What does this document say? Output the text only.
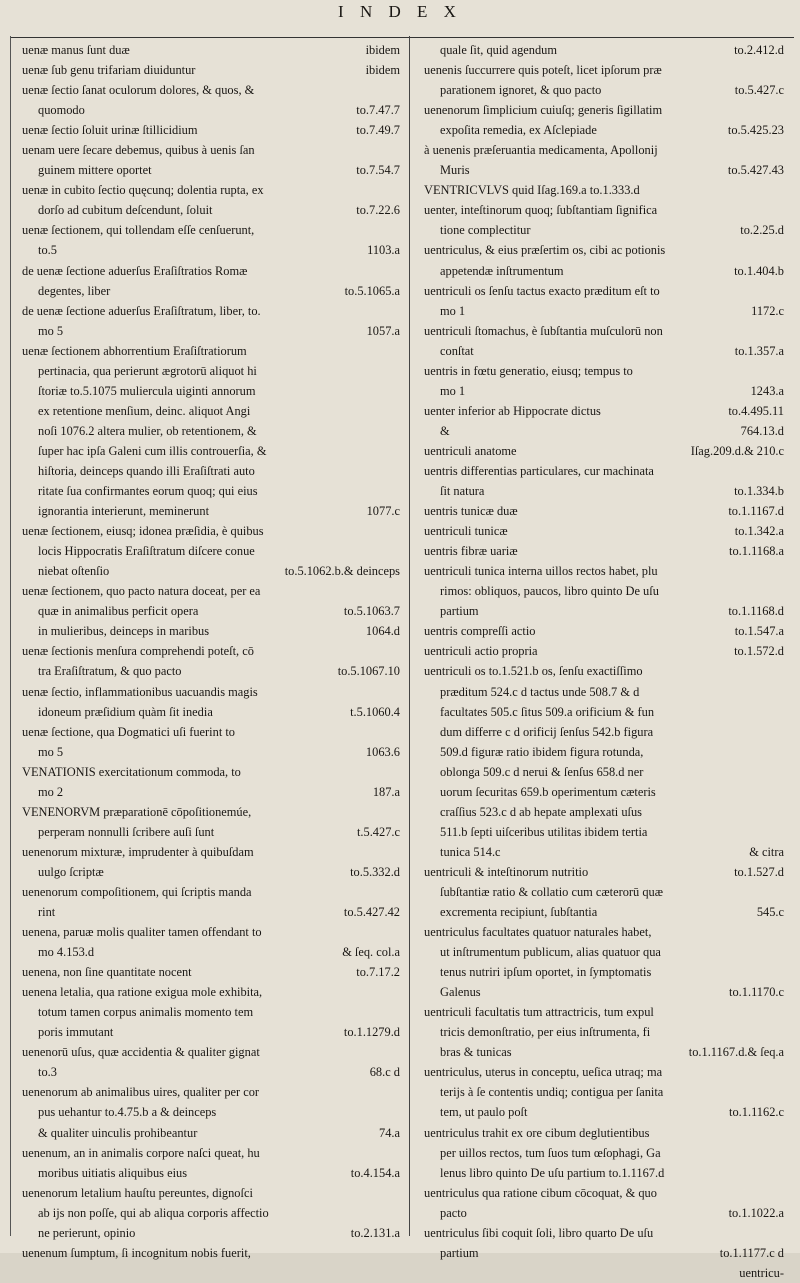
I N D E X
uenæ manus ſunt duæ	ibidem
uenæ ſub genu trifariam diuiduntur	ibidem
uenæ ſectio ſanat oculorum dolores, & quos, &
quomodo	to.7.47.7
uenæ ſectio ſoluit urinæ ſtillicidium	to.7.49.7
uenam uere ſecare debemus, quibus à uenis ſan
guinem mittere oportet	to.7.54.7
uenæ in cubito ſectio quęcunq; dolentia rupta, ex
dorſo ad cubitum deſcendunt, ſoluit	to.7.22.6
uenæ ſectionem, qui tollendam eſſe cenſuerunt,
to.5	1103.a
de uenæ ſectione aduerſus Eraſiſtratios Romæ
degentes, liber	to.5.1065.a
de uenæ ſectione aduerſus Eraſiſtratum, liber, to.
mo 5	1057.a
uenæ ſectionem abhorrentium Eraſiſtratiorum
pertinacia, qua perierunt ægrotorū aliquot hi
ſtoriæ to.5.1075 muliercula uiginti annorum
ex retentione menſium, deinc. aliquot Angi
noſi 1076.2 altera mulier, ob retentionem, &
ſuper hac ipſa Galeni cum illis controuerſia, &
hiſtoria, deinceps quando illi Eraſiſtrati auto
ritate ſua confirmantes eorum quoq; qui eius
ignorantia interierunt, meminerunt	1077.c
uenæ ſectionem, eiusq; idonea præſidia, è quibus
locis Hippocratis Eraſiſtratum diſcere conue
niebat oſtenſio	to.5.1062.b.& deinceps
uenæ ſectionem, quo pacto natura doceat, per ea
quæ in animalibus perficit opera	to.5.1063.7
in mulieribus, deinceps in maribus	1064.d
uenæ ſectionis menſura comprehendi poteſt, cō
tra Eraſiſtratum, & quo pacto	to.5.1067.10
uenæ ſectio, inflammationibus uacuandis magis
idoneum præſidium quàm ſit inedia	t.5.1060.4
uenæ ſectione, qua Dogmatici uſi fuerint to
mo 5	1063.6
VENATIONIS exercitationum commoda, to
mo 2	187.a
VENENORVM præparationē cōpoſitionemúe,
perperam nonnulli ſcribere auſi ſunt	t.5.427.c
uenenorum mixturæ, imprudenter à quibuſdam
uulgo ſcriptæ	to.5.332.d
uenenorum compoſitionem, qui ſcriptis manda
rint	to.5.427.42
uenena, paruæ molis qualiter tamen offendant to
mo 4.153.d	& ſeq. col.a
uenena, non ſine quantitate nocent	to.7.17.2
uenena letalia, qua ratione exigua mole exhibita,
totum tamen corpus animalis momento tem
poris immutant	to.1.1279.d
uenenorū uſus, quæ accidentia & qualiter gignat
to.3	68.c d
uenenorum ab animalibus uires, qualiter per cor
pus uehantur to.4.75.b a & deinceps
& qualiter uinculis prohibeantur	74.a
uenenum, an in animalis corpore naſci queat, hu
moribus uitiatis aliquibus eius	to.4.154.a
uenenorum letalium hauſtu pereuntes, dignoſci
ab ijs non poſſe, qui ab aliqua corporis affectio
ne perierunt, opinio	to.2.131.a
uenenum ſumptum, ſi incognitum nobis fuerit,
quale ſit, quid agendum	to.2.412.d
uenenis ſuccurrere quis poteſt, licet ipſorum præ
parationem ignoret, & quo pacto	to.5.427.c
uenenorum ſimplicium cuiuſq; generis ſigillatim
expoſita remedia, ex Aſclepiade	to.5.425.23
à uenenis præſeruantia medicamenta, Apollonij
Muris	to.5.427.43
VENTRICVLVS quid Iſag.169.a to.1.333.d
uenter, inteſtinorum quoq; ſubſtantiam ſignifica
tione complectitur	to.2.25.d
uentriculus, & eius præſertim os, cibi ac potionis
appetendæ inſtrumentum	to.1.404.b
uentriculi os ſenſu tactus exacto præditum eſt to
mo 1	1172.c
uentriculi ſtomachus, è ſubſtantia muſculorū non
conſtat	to.1.357.a
uentris in fœtu generatio, eiusq; tempus to
mo 1	1243.a
uenter inferior ab Hippocrate dictus	to.4.495.11
&	764.13.d
uentriculi anatome	Iſag.209.d.& 210.c
uentris differentias particulares, cur machinata
ſit natura	to.1.334.b
uentris tunicæ duæ	to.1.1167.d
uentriculi tunicæ	to.1.342.a
uentris fibræ uariæ	to.1.1168.a
uentriculi tunica interna uillos rectos habet, plu
rimos: obliquos, paucos, libro quinto De uſu
partium	to.1.1168.d
uentris compreſſi actio	to.1.547.a
uentriculi actio propria	to.1.572.d
uentriculi os to.1.521.b os, ſenſu exactiſſimo
præditum 524.c d tactus unde 508.7 & d
facultates 505.c ſitus 509.a orificium & fun
dum differre c d orificij ſenſus 542.b figura
509.d figuræ ratio ibidem figura rotunda,
oblonga 509.c d nerui & ſenſus 658.d ner
uorum ſecuritas 659.b operimentum cæteris
craſſius 523.c d ab hepate amplexati uſus
511.b ſepti uiſceribus utilitas ibidem tertia
tunica 514.c	& citra
uentriculi & inteſtinorum nutritio	to.1.527.d
ſubſtantiæ ratio & collatio cum cæterorū quæ
excrementa recipiunt, ſubſtantia	545.c
uentriculus facultates quatuor naturales habet,
ut inſtrumentum publicum, alias quatuor qua
tenus nutriri ipſum oportet, in ſymptomatis
Galenus	to.1.1170.c
uentriculi facultatis tum attractricis, tum expul
tricis demonſtratio, per eius inſtrumenta, fi
bras & tunicas	to.1.1167.d.& ſeq.a
uentriculus, uterus in conceptu, ueſica utraq; ma
terijs à ſe contentis undiq; contigua per ſanita
tem, ut paulo poſt	to.1.1162.c
uentriculus trahit ex ore cibum deglutientibus
per uillos rectos, tum ſuos tum œſophagi, Ga
lenus libro quinto De uſu partium to.1.1167.d
uentriculus qua ratione cibum cōcoquat, & quo
pacto	to.1.1022.a
uentriculus ſibi coquit ſoli, libro quarto De uſu
partium	to.1.1177.c d
uentricu-
